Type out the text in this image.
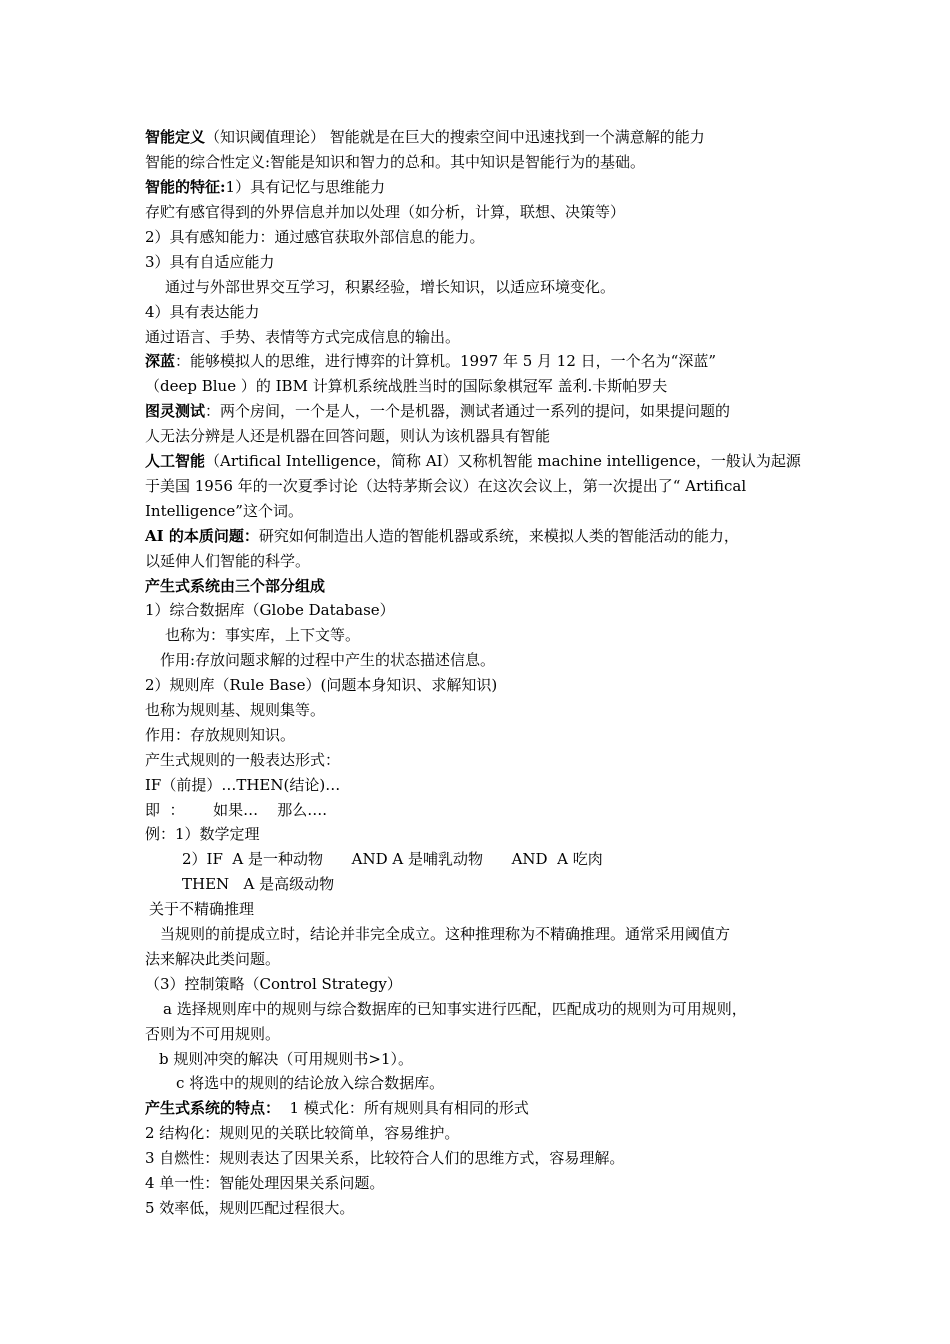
智能定义（知识阈值理论） 智能就是在巨大的搜索空间中迅速找到一个满意解的能力
智能的综合性定义:智能是知识和智力的总和。其中知识是智能行为的基础。
智能的特征:1）具有记忆与思维能力
存贮有感官得到的外界信息并加以处理（如分析，计算，联想、决策等）
2）具有感知能力：通过感官获取外部信息的能力。
3）具有自适应能力
通过与外部世界交互学习，积累经验，增长知识，以适应环境变化。
4）具有表达能力
通过语言、手势、表情等方式完成信息的输出。
深蓝：能够模拟人的思维，进行博弈的计算机。1997 年 5 月 12 日，一个名为“深蓝”
（deep Blue ）的 IBM 计算机系统战胜当时的国际象棋冠军 盖利.卡斯帕罗夫
图灵测试：两个房间，一个是人，一个是机器，测试者通过一系列的提问，如果提问题的
人无法分辨是人还是机器在回答问题，则认为该机器具有智能
人工智能（Artifical Intelligence，简称 AI）又称机智能 machine intelligence，一般认为起源
于美国 1956 年的一次夏季讨论（达特茅斯会议）在这次会议上，第一次提出了“ Artifical
Intelligence”这个词。
AI 的本质问题：研究如何制造出人造的智能机器或系统，来模拟人类的智能活动的能力，
以延伸人们智能的科学。
产生式系统由三个部分组成
1）综合数据库（Globe Database）
也称为：事实库，上下文等。
作用:存放问题求解的过程中产生的状态描述信息。
2）规则库（Rule Base）(问题本身知识、求解知识)
也称为规则基、规则集等。
作用：存放规则知识。
产生式规则的一般表达形式：
IF（前提）…THEN(结论)…
即  ：      如果…    那么….
例：1）数学定理
2）IF  A 是一种动物      AND A 是哺乳动物      AND  A 吃肉
THEN   A 是高级动物
关于不精确推理
当规则的前提成立时，结论并非完全成立。这种推理称为不精确推理。通常采用阈值方
法来解决此类问题。
（3）控制策略（Control Strategy）
a 选择规则库中的规则与综合数据库的已知事实进行匹配，匹配成功的规则为可用规则，
否则为不可用规则。
b 规则冲突的解决（可用规则书>1）。
c 将选中的规则的结论放入综合数据库。
产生式系统的特点：  1 模式化：所有规则具有相同的形式
2 结构化：规则见的关联比较简单，容易维护。
3 自燃性：规则表达了因果关系，比较符合人们的思维方式，容易理解。
4 单一性：智能处理因果关系问题。
5 效率低，规则匹配过程很大。
